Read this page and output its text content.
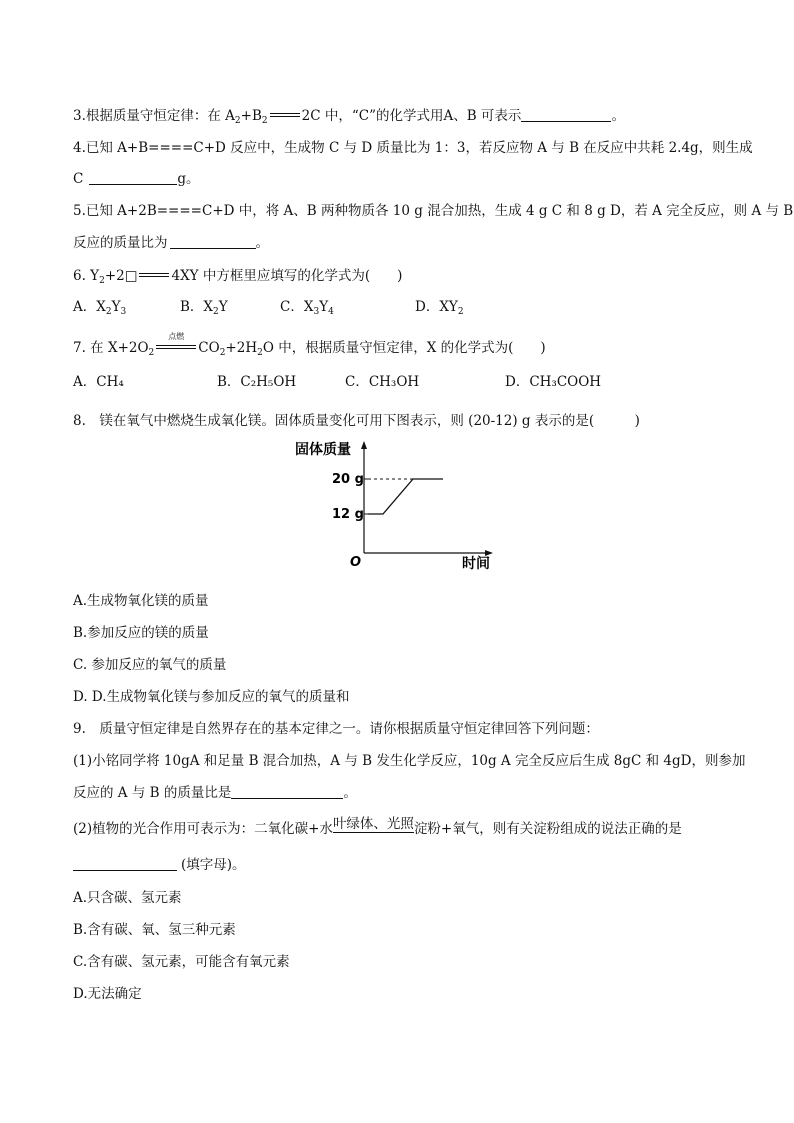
3.根据质量守恒定律：在 $A_2+B_2$	2C 中，“C”的化学式用A、B 可表示	。
4.已知 A+B====C+D 反应中，生成物 C 与 D 质量比为 1：3，若反应物 A 与 B 在反应中共耗 2.4g，则生成
C	g。
5.已知 A+2B====C+D 中，将 A、B 两种物质各 10 g 混合加热，生成 4 g C 和 8 g D，若 A 完全反应，则 A 与 B
反应的质量比为	。
6. $Y_2+2□$	4XY 中方框里应填写的化学式为(　　)
A．$X_2Y_3$	B．$X_2Y$	C．$X_3Y_4$	D．$XY_2$
7. 在 $X+2O_2$
点燃
$CO_2+2H_2O$ 中，根据质量守恒定律，X 的化学式为(　　)
A．CH₄	B．C₂H₅OH	C．CH₃OH	D．CH₃COOH
8.　镁在氧气中燃烧生成氧化镁。固体质量变化可用下图表示，则 (20-12) g 表示的是(　　　)
固体质量
时间
O
12 g
20 g
A.生成物氧化镁的质量
B.参加反应的镁的质量
C. 参加反应的氧气的质量
D. D.生成物氧化镁与参加反应的氧气的质量和
9.　质量守恒定律是自然界存在的基本定律之一。请你根据质量守恒定律回答下列问题：
(1)小铭同学将 10gA 和足量 B 混合加热，A 与 B 发生化学反应，10g A 完全反应后生成 8gC 和 4gD，则参加
反应的 A 与 B 的质量比是	。
(2)植物的光合作用可表示为：二氧化碳+水叶绿体、光照淀粉+氧气，则有关淀粉组成的说法正确的是
(填字母)。
A.只含碳、氢元素
B.含有碳、氧、氢三种元素
C.含有碳、氢元素，可能含有氧元素
D.无法确定
